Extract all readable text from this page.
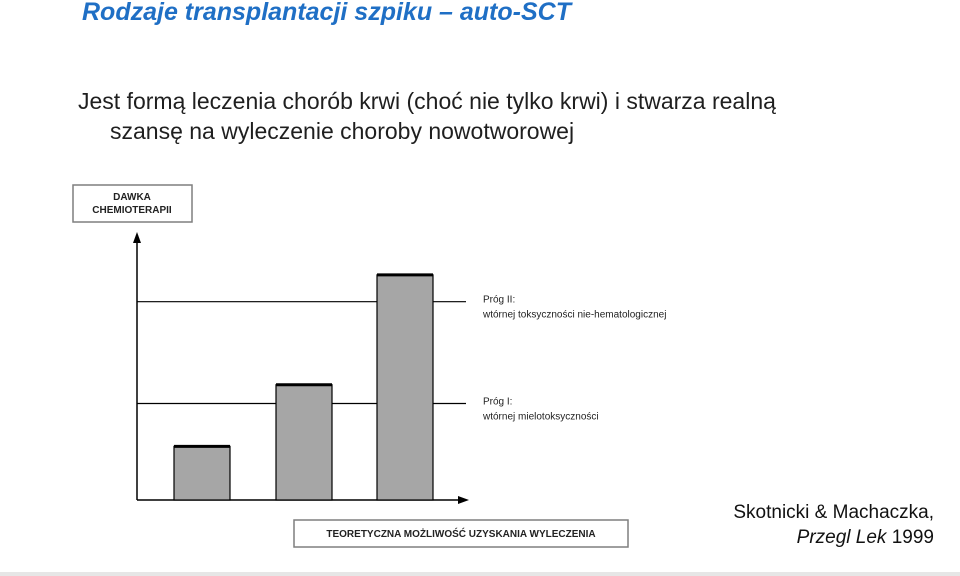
Rodzaje transplantacji szpiku – auto-SCT
Jest formą leczenia chorób krwi (choć nie tylko krwi) i stwarza realną
szansę na wyleczenie choroby nowotworowej
DAWKA
CHEMIOTERAPII
Próg II:
wtórnej toksyczności nie-hematologicznej
Próg I:
wtórnej mielotoksyczności
TEORETYCZNA MOŻLIWOŚĆ UZYSKANIA WYLECZENIA
Skotnicki & Machaczka,
Przegl Lek 1999
